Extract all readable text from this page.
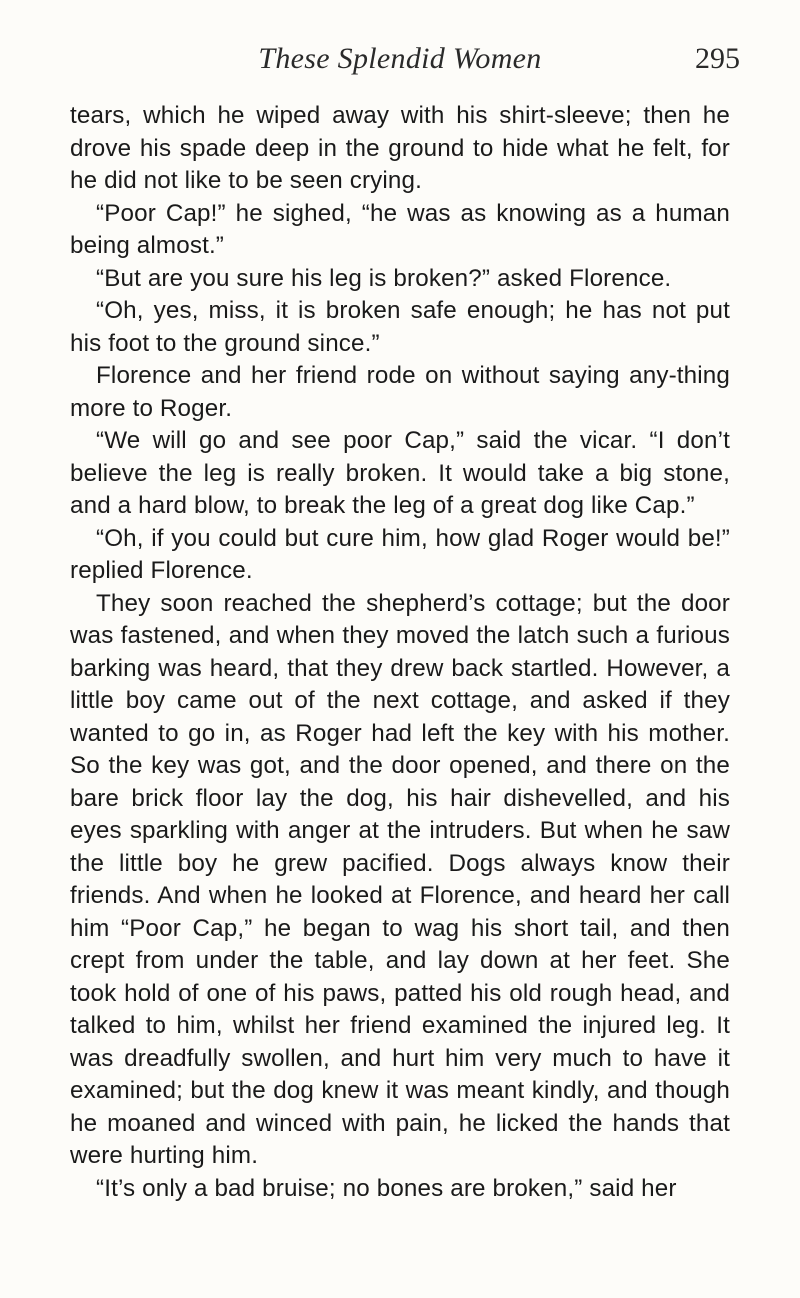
These Splendid Women	295

tears, which he wiped away with his shirt-sleeve; then he drove his spade deep in the ground to hide what he felt, for he did not like to be seen crying.

“Poor Cap!” he sighed, “he was as knowing as a human being almost.”

“But are you sure his leg is broken?” asked Florence.

“Oh, yes, miss, it is broken safe enough; he has not put his foot to the ground since.”

Florence and her friend rode on without saying any-thing more to Roger.

“We will go and see poor Cap,” said the vicar. “I don’t believe the leg is really broken. It would take a big stone, and a hard blow, to break the leg of a great dog like Cap.”

“Oh, if you could but cure him, how glad Roger would be!” replied Florence.

They soon reached the shepherd’s cottage; but the door was fastened, and when they moved the latch such a furious barking was heard, that they drew back startled. However, a little boy came out of the next cottage, and asked if they wanted to go in, as Roger had left the key with his mother. So the key was got, and the door opened, and there on the bare brick floor lay the dog, his hair dishevelled, and his eyes sparkling with anger at the intruders. But when he saw the little boy he grew pacified. Dogs always know their friends. And when he looked at Florence, and heard her call him “Poor Cap,” he began to wag his short tail, and then crept from under the table, and lay down at her feet. She took hold of one of his paws, patted his old rough head, and talked to him, whilst her friend examined the injured leg. It was dreadfully swollen, and hurt him very much to have it examined; but the dog knew it was meant kindly, and though he moaned and winced with pain, he licked the hands that were hurting him.

“It’s only a bad bruise; no bones are broken,” said her
